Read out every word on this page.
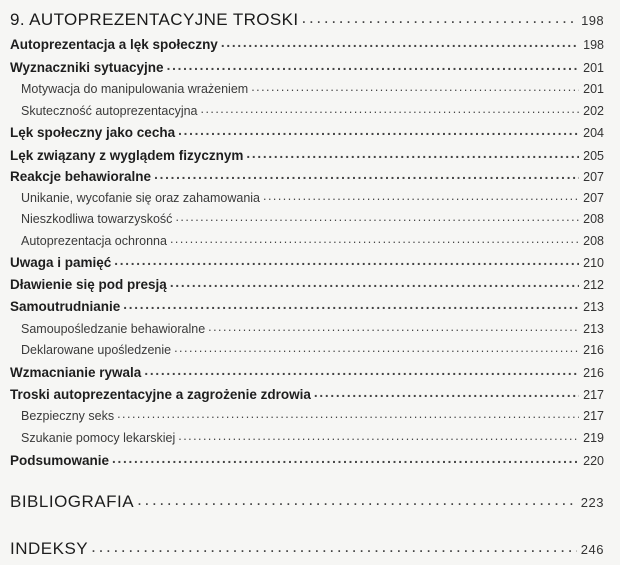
9. AUTOPREZENTACYJNE TROSKI . . .	198
Autoprezentacja a lęk społeczny . . .	198
Wyznaczniki sytuacyjne . . .	201
Motywacja do manipulowania wrażeniem . . .	201
Skuteczność autoprezentacyjna . . .	202
Lęk społeczny jako cecha . . .	204
Lęk związany z wyglądem fizycznym . . .	205
Reakcje behawioralne . . .	207
Unikanie, wycofanie się oraz zahamowania . . .	207
Nieszkodliwa towarzyskość . . .	208
Autoprezentacja ochronna . . .	208
Uwaga i pamięć . . .	210
Dławienie się pod presją . . .	212
Samoutrudnianie . . .	213
Samoupośledzanie behawioralne . . .	213
Deklarowane upośledzenie . . .	216
Wzmacnianie rywala . . .	216
Troski autoprezentacyjne a zagrożenie zdrowia . . .	217
Bezpieczny seks . . .	217
Szukanie pomocy lekarskiej . . .	219
Podsumowanie . . .	220
BIBLIOGRAFIA . . .	223
INDEKSY . . .	246
